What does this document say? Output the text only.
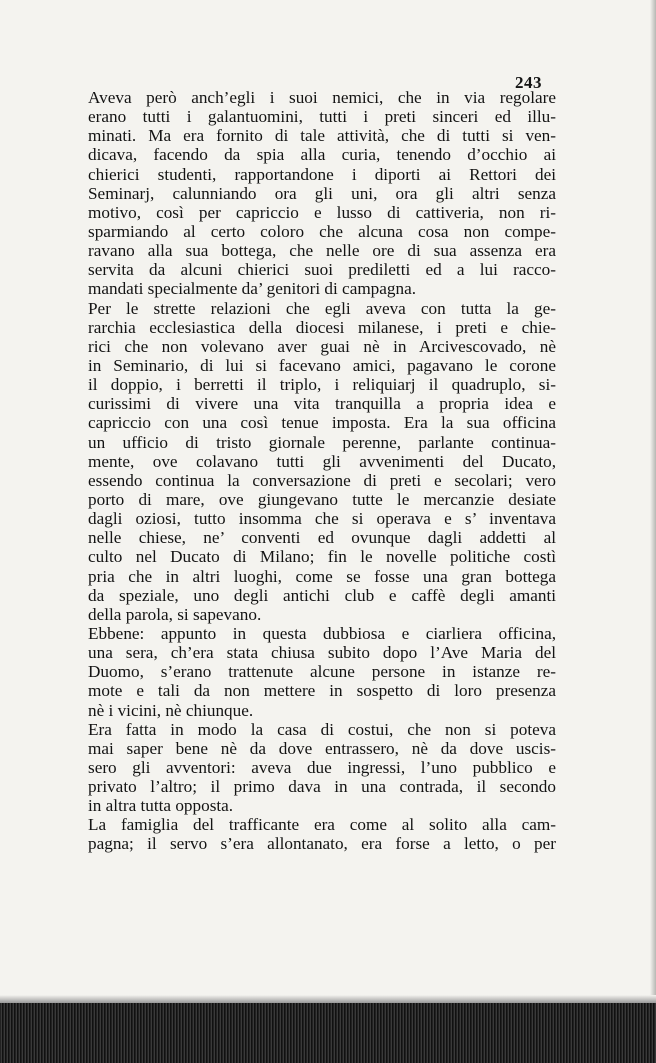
243
Aveva però anch’egli i suoi nemici, che in via regolare
erano tutti i galantuomini, tutti i preti sinceri ed illu-
minati. Ma era fornito di tale attività, che di tutti si ven-
dicava, facendo da spia alla curia, tenendo d’occhio ai
chierici studenti, rapportandone i diporti ai Rettori dei
Seminarj, calunniando ora gli uni, ora gli altri senza
motivo, così per capriccio e lusso di cattiveria, non ri-
sparmiando al certo coloro che alcuna cosa non compe-
ravano alla sua bottega, che nelle ore di sua assenza era
servita da alcuni chierici suoi prediletti ed a lui racco-
mandati specialmente da’ genitori di campagna.
Per le strette relazioni che egli aveva con tutta la ge-
rarchia ecclesiastica della diocesi milanese, i preti e chie-
rici che non volevano aver guai nè in Arcivescovado, nè
in Seminario, di lui si facevano amici, pagavano le corone
il doppio, i berretti il triplo, i reliquiarj il quadruplo, si-
curissimi di vivere una vita tranquilla a propria idea e
capriccio con una così tenue imposta. Era la sua officina
un ufficio di tristo giornale perenne, parlante continua-
mente, ove colavano tutti gli avvenimenti del Ducato,
essendo continua la conversazione di preti e secolari; vero
porto di mare, ove giungevano tutte le mercanzie desiate
dagli oziosi, tutto insomma che si operava e s’ inventava
nelle chiese, ne’ conventi ed ovunque dagli addetti al
culto nel Ducato di Milano; fin le novelle politiche costì
pria che in altri luoghi, come se fosse una gran bottega
da speziale, uno degli antichi club e caffè degli amanti
della parola, si sapevano.
Ebbene: appunto in questa dubbiosa e ciarliera officina,
una sera, ch’era stata chiusa subito dopo l’Ave Maria del
Duomo, s’erano trattenute alcune persone in istanze re-
mote e tali da non mettere in sospetto di loro presenza
nè i vicini, nè chiunque.
Era fatta in modo la casa di costui, che non si poteva
mai saper bene nè da dove entrassero, nè da dove uscis-
sero gli avventori: aveva due ingressi, l’uno pubblico e
privato l’altro; il primo dava in una contrada, il secondo
in altra tutta opposta.
La famiglia del trafficante era come al solito alla cam-
pagna; il servo s’era allontanato, era forse a letto, o per
